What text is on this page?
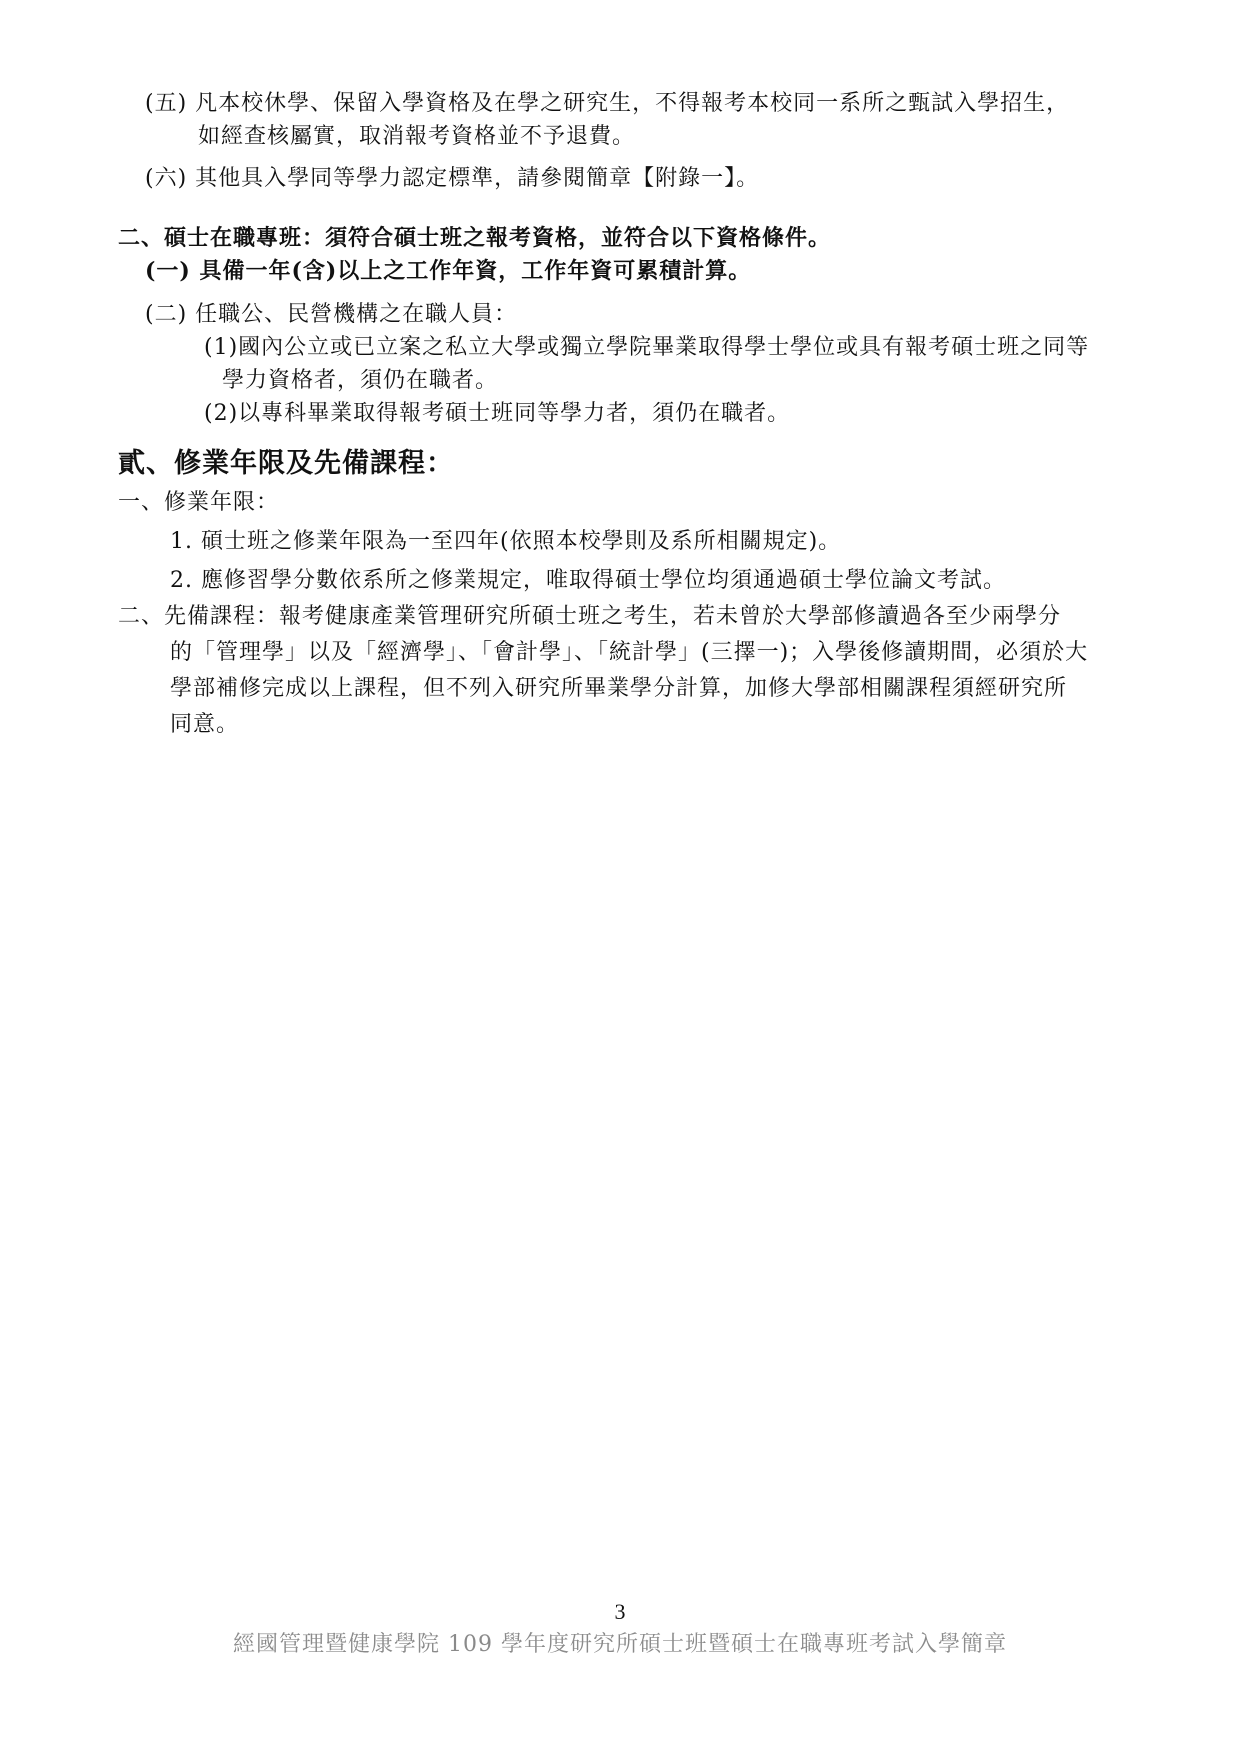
(五) 凡本校休學、保留入學資格及在學之研究生，不得報考本校同一系所之甄試入學招生，
如經查核屬實，取消報考資格並不予退費。
(六) 其他具入學同等學力認定標準，請參閱簡章【附錄一】。
二、碩士在職專班：須符合碩士班之報考資格，並符合以下資格條件。
(一) 具備一年(含)以上之工作年資，工作年資可累積計算。
(二) 任職公、民營機構之在職人員：
(1)國內公立或已立案之私立大學或獨立學院畢業取得學士學位或具有報考碩士班之同等
學力資格者，須仍在職者。
(2)以專科畢業取得報考碩士班同等學力者，須仍在職者。
貳、修業年限及先備課程：
一、修業年限：
1. 碩士班之修業年限為一至四年(依照本校學則及系所相關規定)。
2. 應修習學分數依系所之修業規定，唯取得碩士學位均須通過碩士學位論文考試。
二、先備課程：報考健康產業管理研究所碩士班之考生，若未曾於大學部修讀過各至少兩學分
的「管理學」以及「經濟學」、「會計學」、「統計學」(三擇一)；入學後修讀期間，必須於大
學部補修完成以上課程，但不列入研究所畢業學分計算，加修大學部相關課程須經研究所
同意。
3
經國管理暨健康學院 109 學年度研究所碩士班暨碩士在職專班考試入學簡章
